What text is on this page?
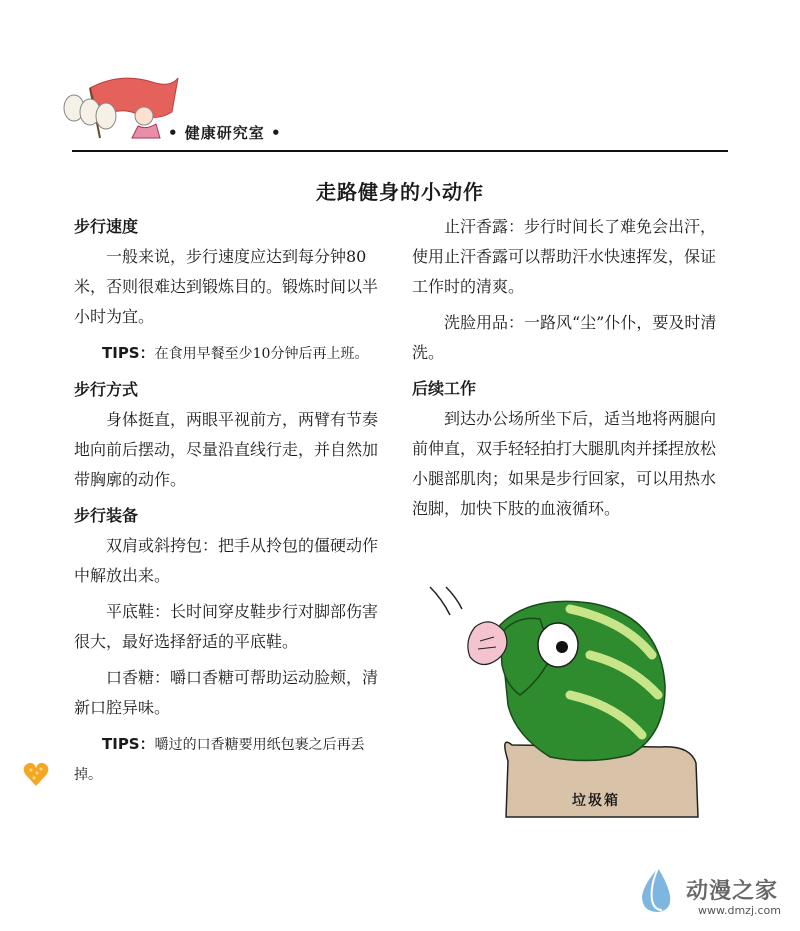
• 健康研究室 •
走路健身的小动作
步行速度

一般来说，步行速度应达到每分钟80米，否则很难达到锻炼目的。锻炼时间以半小时为宜。

TIPS：在食用早餐至少10分钟后再上班。

步行方式

身体挺直，两眼平视前方，两臂有节奏地向前后摆动，尽量沿直线行走，并自然加带胸廓的动作。

步行装备

双肩或斜挎包：把手从拎包的僵硬动作中解放出来。

平底鞋：长时间穿皮鞋步行对脚部伤害很大，最好选择舒适的平底鞋。

口香糖：嚼口香糖可帮助运动脸颊，清新口腔异味。

TIPS：嚼过的口香糖要用纸包裹之后再丢掉。

止汗香露：步行时间长了难免会出汗，使用止汗香露可以帮助汗水快速挥发，保证工作时的清爽。

洗脸用品：一路风“尘”仆仆，要及时清洗。

后续工作

到达办公场所坐下后，适当地将两腿向前伸直，双手轻轻拍打大腿肌肉并揉捏放松小腿部肌肉；如果是步行回家，可以用热水泡脚，加快下肢的血液循环。

垃圾箱
动漫之家
www.dmzj.com
